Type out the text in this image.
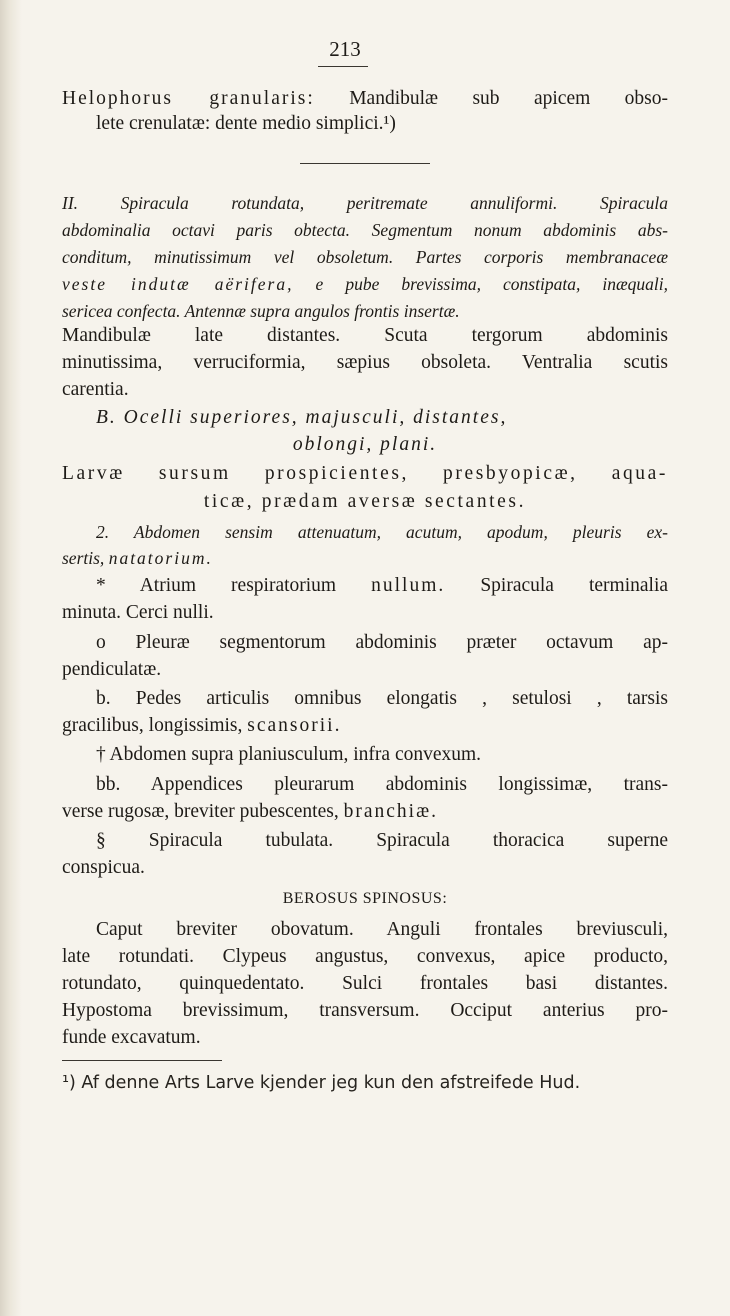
213
Helophorus granularis: Mandibulæ sub apicem obso-
lete crenulatæ: dente medio simplici.¹)
II. Spiracula rotundata, peritremate annuliformi. Spiracula
abdominalia octavi paris obtecta. Segmentum nonum abdominis abs-
conditum, minutissimum vel obsoletum. Partes corporis membranaceæ
veste indutæ aërifera, e pube brevissima, constipata, inæquali,
sericea confecta. Antennæ supra angulos frontis insertæ.
Mandibulæ late distantes. Scuta tergorum abdominis
minutissima, verruciformia, sæpius obsoleta. Ventralia scutis
carentia.
B. Ocelli superiores, majusculi, distantes,
oblongi, plani.
Larvæ sursum prospicientes, presbyopicæ, aqua-
ticæ, prædam aversæ sectantes.
2. Abdomen sensim attenuatum, acutum, apodum, pleuris ex-
sertis, natatorium.
* Atrium respiratorium nullum. Spiracula terminalia
minuta. Cerci nulli.
o Pleuræ segmentorum abdominis præter octavum ap-
pendiculatæ.
b. Pedes articulis omnibus elongatis , setulosi , tarsis
gracilibus, longissimis, scansorii.
† Abdomen supra planiusculum, infra convexum.
bb. Appendices pleurarum abdominis longissimæ, trans-
verse rugosæ, breviter pubescentes, branchiæ.
§ Spiracula tubulata. Spiracula thoracica superne
conspicua.
BEROSUS SPINOSUS:
Caput breviter obovatum. Anguli frontales breviusculi,
late rotundati. Clypeus angustus, convexus, apice producto,
rotundato, quinquedentato. Sulci frontales basi distantes.
Hypostoma brevissimum, transversum. Occiput anterius pro-
funde excavatum.
¹) Af denne Arts Larve kjender jeg kun den afstreifede Hud.
